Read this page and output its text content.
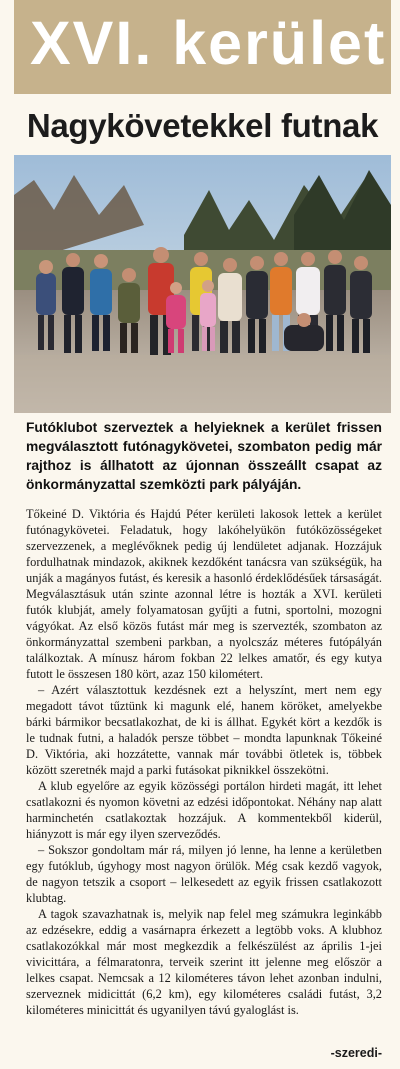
XVI. kerület
Nagykövetekkel futnak

Futóklubot szerveztek a helyieknek a kerület frissen megválasztott futónagykövetei, szombaton pedig már rajthoz is állhatott az újonnan összeállt csapat az önkormányzattal szemközti park pályáján.

Tőkeiné D. Viktória és Hajdú Péter kerületi lakosok lettek a kerület futónagykövetei. Feladatuk, hogy lakóhelyükön futóközösségeket szervezzenek, a meglévőknek pedig új lendületet adjanak. Hozzájuk fordulhatnak mindazok, akiknek kezdőként tanácsra van szükségük, ha unják a magányos futást, és keresik a hasonló érdeklődésűek társaságát. Megválasztásuk után szinte azonnal létre is hozták a XVI. kerületi futók klubját, amely folyamatosan gyűjti a futni, sportolni, mozogni vágyókat. Az első közös futást már meg is szervezték, szombaton az önkormányzattal szembeni parkban, a nyolcszáz méteres futópályán találkoztak. A mínusz három fokban 22 lelkes amatőr, és egy kutya futott le összesen 180 kört, azaz 150 kilométert.

– Azért választottuk kezdésnek ezt a helyszínt, mert nem egy megadott távot tűztünk ki magunk elé, hanem köröket, amelyekbe bárki bármikor becsatlakozhat, de ki is állhat. Egykét kört a kezdők is le tudnak futni, a haladók persze többet – mondta lapunknak Tőkeiné D. Viktória, aki hozzátette, vannak már további ötletek is, többek között szeretnék majd a parki futásokat piknikkel összekötni.

A klub egyelőre az egyik közösségi portálon hirdeti magát, itt lehet csatlakozni és nyomon követni az edzési időpontokat. Néhány nap alatt harminchetén csatlakoztak hozzájuk. A kommentekből kiderül, hiányzott is már egy ilyen szerveződés.

– Sokszor gondoltam már rá, milyen jó lenne, ha lenne a kerületben egy futóklub, úgyhogy most nagyon örülök. Még csak kezdő vagyok, de nagyon tetszik a csoport – lelkesedett az egyik frissen csatlakozott klubtag.

A tagok szavazhatnak is, melyik nap felel meg számukra leginkább az edzésekre, eddig a vasárnapra érkezett a legtöbb voks. A klubhoz csatlakozókkal már most megkezdik a felkészülést az április 1-jei vivicittára, a félmaratonra, terveik szerint itt jelenne meg először a lelkes csapat. Nemcsak a 12 kilométeres távon lehet azonban indulni, szerveznek midicittát (6,2 km), egy kilométeres családi futást, 3,2 kilométeres minicittát és ugyanilyen távú gyaloglást is.

-szeredi-
